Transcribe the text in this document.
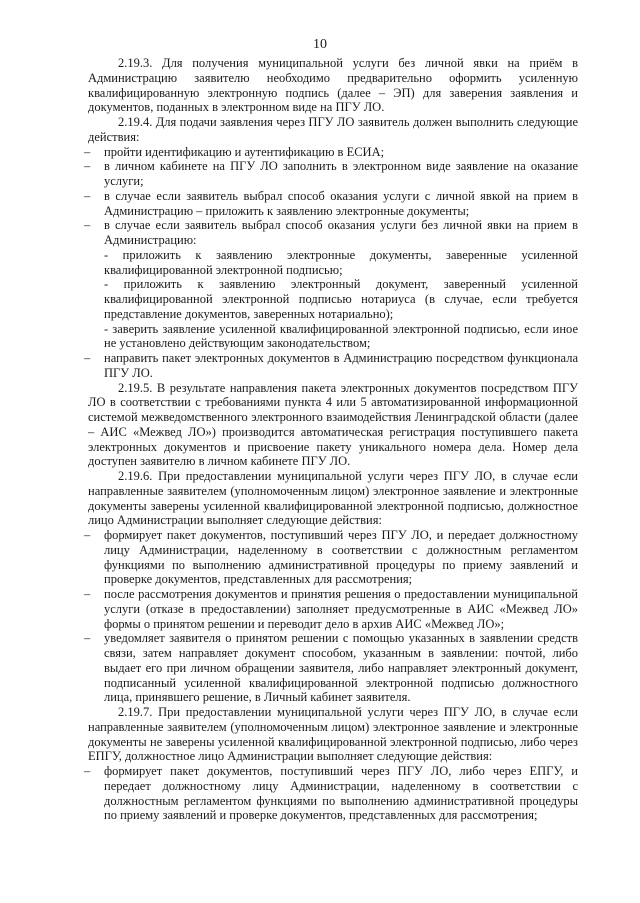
10

2.19.3. Для получения муниципальной услуги без личной явки на приём в Администрацию заявителю необходимо предварительно оформить усиленную квалифицированную электронную подпись (далее – ЭП) для заверения заявления и документов, поданных в электронном виде на ПГУ ЛО.

2.19.4. Для подачи заявления через ПГУ ЛО заявитель должен выполнить следующие действия:

– пройти идентификацию и аутентификацию в ЕСИА;

– в личном кабинете на ПГУ ЛО заполнить в электронном виде заявление на оказание услуги;

– в случае если заявитель выбрал способ оказания услуги с личной явкой на прием в Администрацию – приложить к заявлению электронные документы;

– в случае если заявитель выбрал способ оказания услуги без личной явки на прием в Администрацию:

- приложить к заявлению электронные документы, заверенные усиленной квалифицированной электронной подписью;

- приложить к заявлению электронный документ, заверенный усиленной квалифицированной электронной подписью нотариуса (в случае, если требуется представление документов, заверенных нотариально);

- заверить заявление усиленной квалифицированной электронной подписью, если иное не установлено действующим законодательством;

– направить пакет электронных документов в Администрацию посредством функционала ПГУ ЛО.

2.19.5. В результате направления пакета электронных документов посредством ПГУ ЛО в соответствии с требованиями пункта 4 или 5 автоматизированной информационной системой межведомственного электронного взаимодействия Ленинградской области (далее – АИС «Межвед ЛО») производится автоматическая регистрация поступившего пакета электронных документов и присвоение пакету уникального номера дела. Номер дела доступен заявителю в личном кабинете ПГУ ЛО.

2.19.6. При предоставлении муниципальной услуги через ПГУ ЛО, в случае если направленные заявителем (уполномоченным лицом) электронное заявление и электронные документы заверены усиленной квалифицированной электронной подписью, должностное лицо Администрации выполняет следующие действия:

– формирует пакет документов, поступивший через ПГУ ЛО, и передает должностному лицу Администрации, наделенному в соответствии с должностным регламентом функциями по выполнению административной процедуры по приему заявлений и проверке документов, представленных для рассмотрения;

– после рассмотрения документов и принятия решения о предоставлении муниципальной услуги (отказе в предоставлении) заполняет предусмотренные в АИС «Межвед ЛО» формы о принятом решении и переводит дело в архив АИС «Межвед ЛО»;

– уведомляет заявителя о принятом решении с помощью указанных в заявлении средств связи, затем направляет документ способом, указанным в заявлении: почтой, либо выдает его при личном обращении заявителя, либо направляет электронный документ, подписанный усиленной квалифицированной электронной подписью должностного лица, принявшего решение, в Личный кабинет заявителя.

2.19.7. При предоставлении муниципальной услуги через ПГУ ЛО, в случае если направленные заявителем (уполномоченным лицом) электронное заявление и электронные документы не заверены усиленной квалифицированной электронной подписью, либо через ЕПГУ, должностное лицо Администрации выполняет следующие действия:

– формирует пакет документов, поступивший через ПГУ ЛО, либо через ЕПГУ, и передает должностному лицу Администрации, наделенному в соответствии с должностным регламентом функциями по выполнению административной процедуры по приему заявлений и проверке документов, представленных для рассмотрения;
